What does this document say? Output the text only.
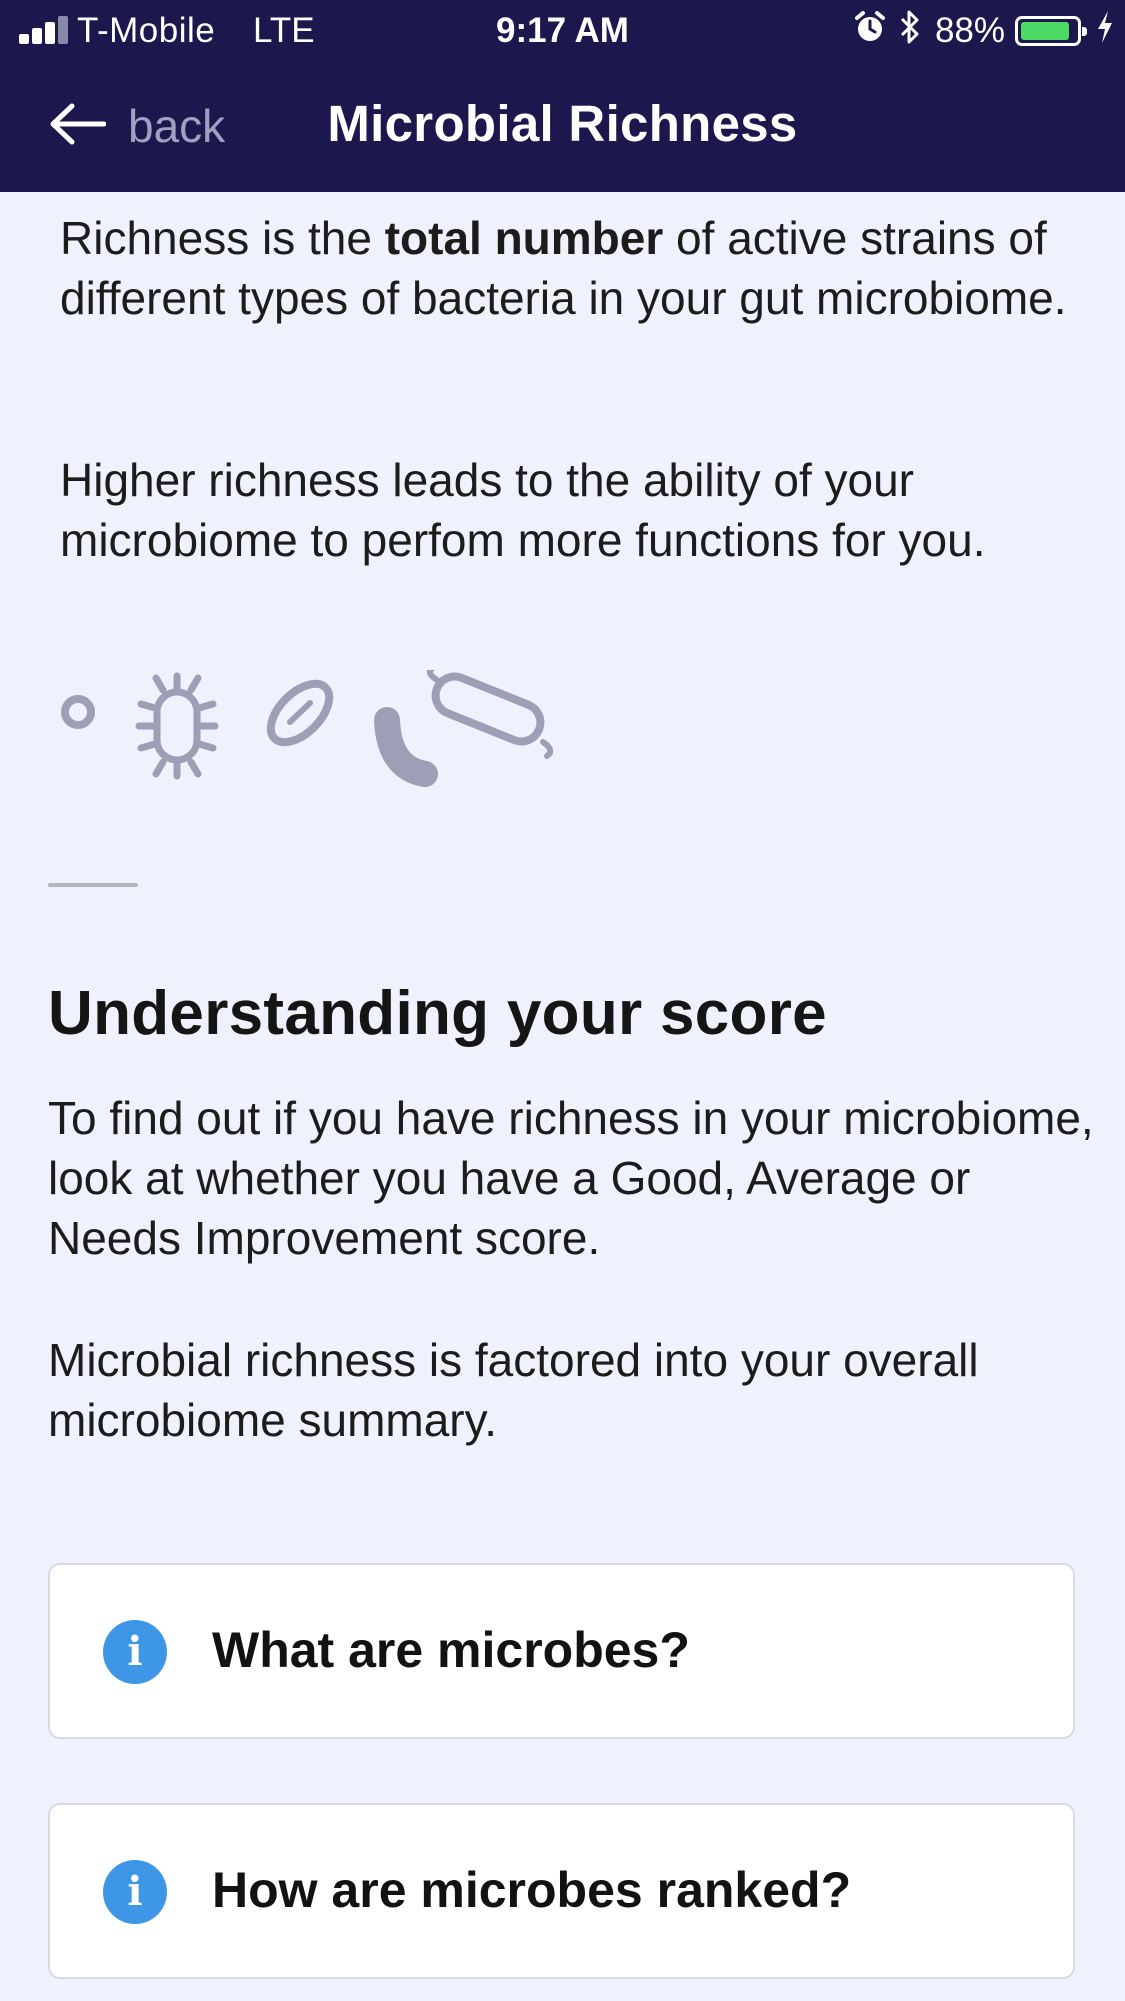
T-Mobile LTE	9:17 AM	88%
back	Microbial Richness
Richness is the total number of active strains of different types of bacteria in your gut microbiome.
Higher richness leads to the ability of your microbiome to perfom more functions for you.
Understanding your score
To find out if you have richness in your microbiome, look at whether you have a Good, Average or Needs Improvement score.
Microbial richness is factored into your overall microbiome summary.
i	What are microbes?
i	How are microbes ranked?
